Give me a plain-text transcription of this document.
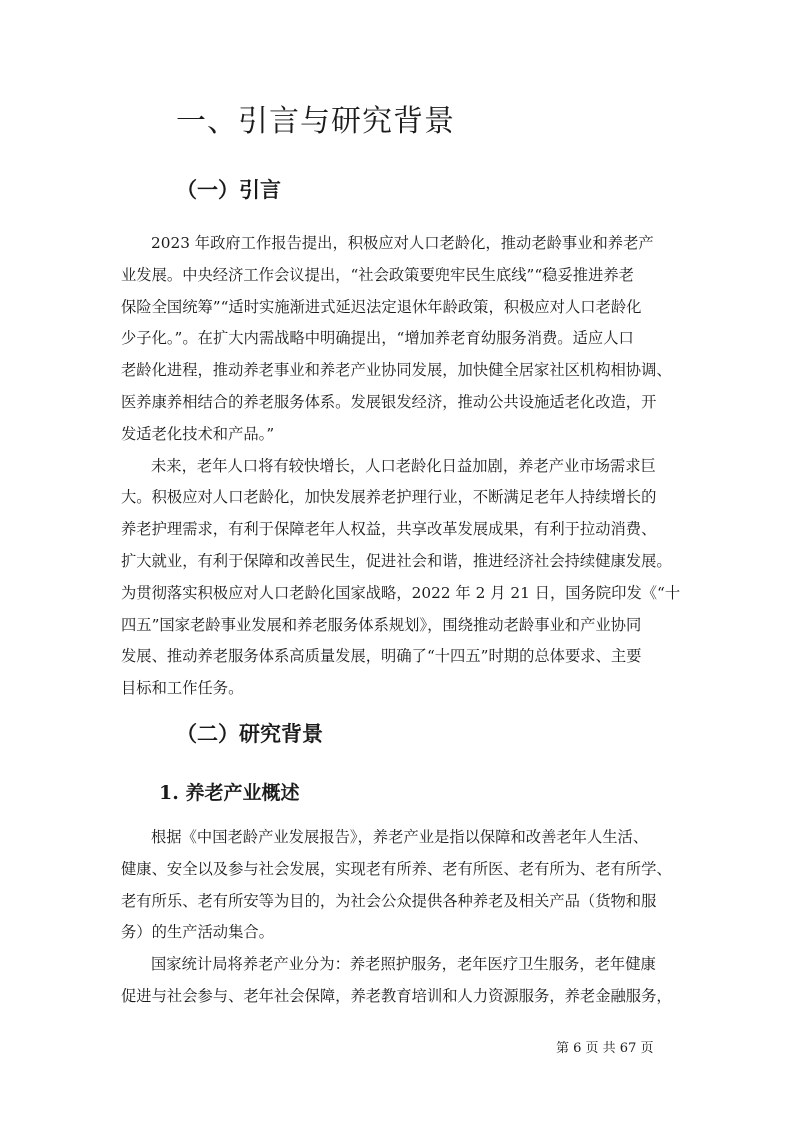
一、引言与研究背景
（一）引言
2023 年政府工作报告提出，积极应对人口老龄化，推动老龄事业和养老产
业发展。中央经济工作会议提出，“社会政策要兜牢民生底线”“稳妥推进养老
保险全国统筹”“适时实施渐进式延迟法定退休年龄政策，积极应对人口老龄化
少子化。”。在扩大内需战略中明确提出，“增加养老育幼服务消费。适应人口
老龄化进程，推动养老事业和养老产业协同发展，加快健全居家社区机构相协调、
医养康养相结合的养老服务体系。发展银发经济，推动公共设施适老化改造，开
发适老化技术和产品。”
未来，老年人口将有较快增长，人口老龄化日益加剧，养老产业市场需求巨
大。积极应对人口老龄化，加快发展养老护理行业，不断满足老年人持续增长的
养老护理需求，有利于保障老年人权益，共享改革发展成果，有利于拉动消费、
扩大就业，有利于保障和改善民生，促进社会和谐，推进经济社会持续健康发展。
为贯彻落实积极应对人口老龄化国家战略，2022 年 2 月 21 日，国务院印发《“十
四五”国家老龄事业发展和养老服务体系规划》，围绕推动老龄事业和产业协同
发展、推动养老服务体系高质量发展，明确了“十四五”时期的总体要求、主要
目标和工作任务。
（二）研究背景
1. 养老产业概述
根据《中国老龄产业发展报告》，养老产业是指以保障和改善老年人生活、
健康、安全以及参与社会发展，实现老有所养、老有所医、老有所为、老有所学、
老有所乐、老有所安等为目的，为社会公众提供各种养老及相关产品（货物和服
务）的生产活动集合。
国家统计局将养老产业分为：养老照护服务，老年医疗卫生服务，老年健康
促进与社会参与、老年社会保障，养老教育培训和人力资源服务，养老金融服务，
第 6 页 共 67 页
